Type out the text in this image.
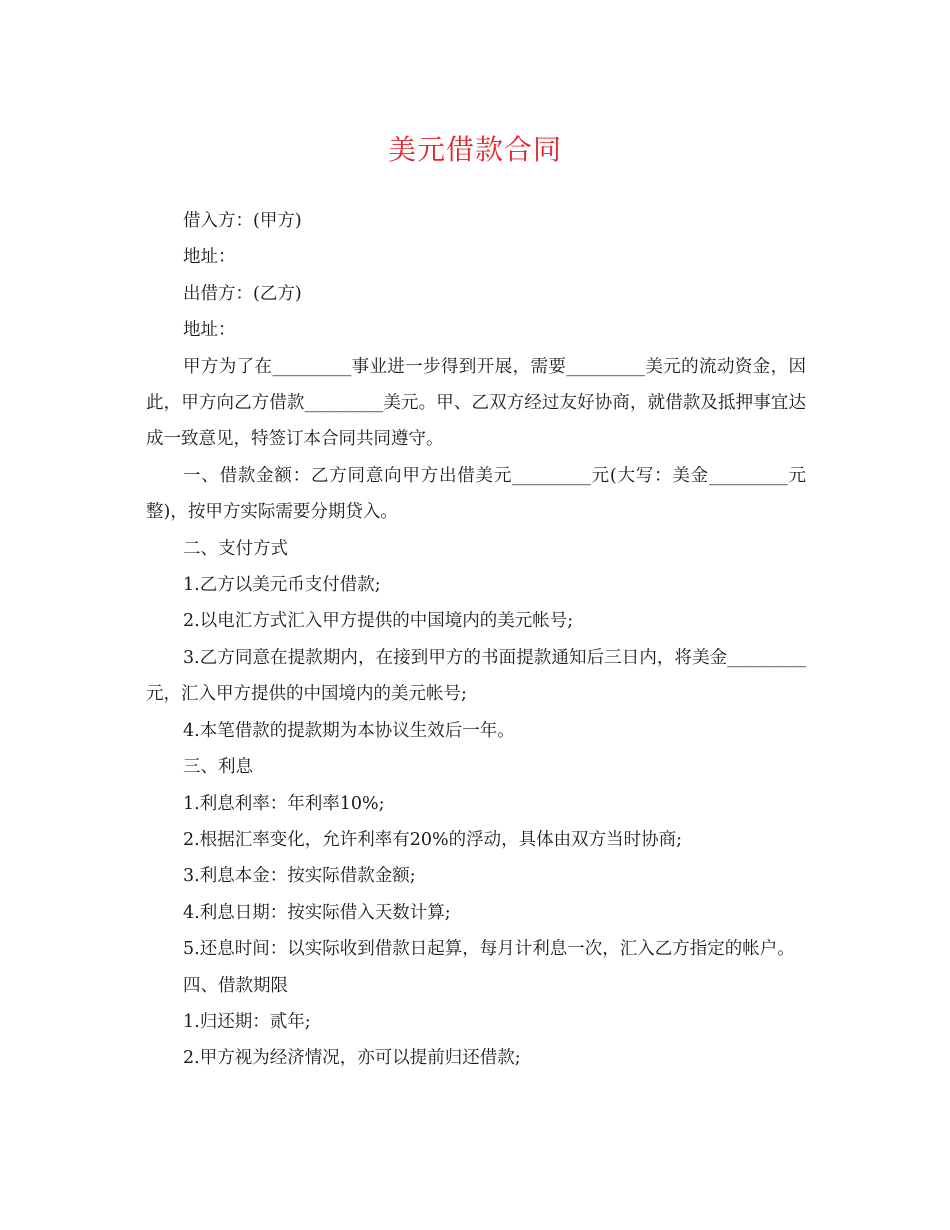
美元借款合同

借入方：(甲方)

地址：

出借方：(乙方)

地址：

甲方为了在_________事业进一步得到开展，需要_________美元的流动资金，因此，甲方向乙方借款_________美元。甲、乙双方经过友好协商，就借款及抵押事宜达成一致意见，特签订本合同共同遵守。

一、借款金额：乙方同意向甲方出借美元_________元(大写：美金_________元整)，按甲方实际需要分期贷入。

二、支付方式

1.乙方以美元币支付借款;

2.以电汇方式汇入甲方提供的中国境内的美元帐号;

3.乙方同意在提款期内，在接到甲方的书面提款通知后三日内，将美金_________元，汇入甲方提供的中国境内的美元帐号;

4.本笔借款的提款期为本协议生效后一年。

三、利息

1.利息利率：年利率10%;

2.根据汇率变化，允许利率有20%的浮动，具体由双方当时协商;

3.利息本金：按实际借款金额;

4.利息日期：按实际借入天数计算;

5.还息时间：以实际收到借款日起算，每月计利息一次，汇入乙方指定的帐户。

四、借款期限

1.归还期：贰年;

2.甲方视为经济情况，亦可以提前归还借款;
